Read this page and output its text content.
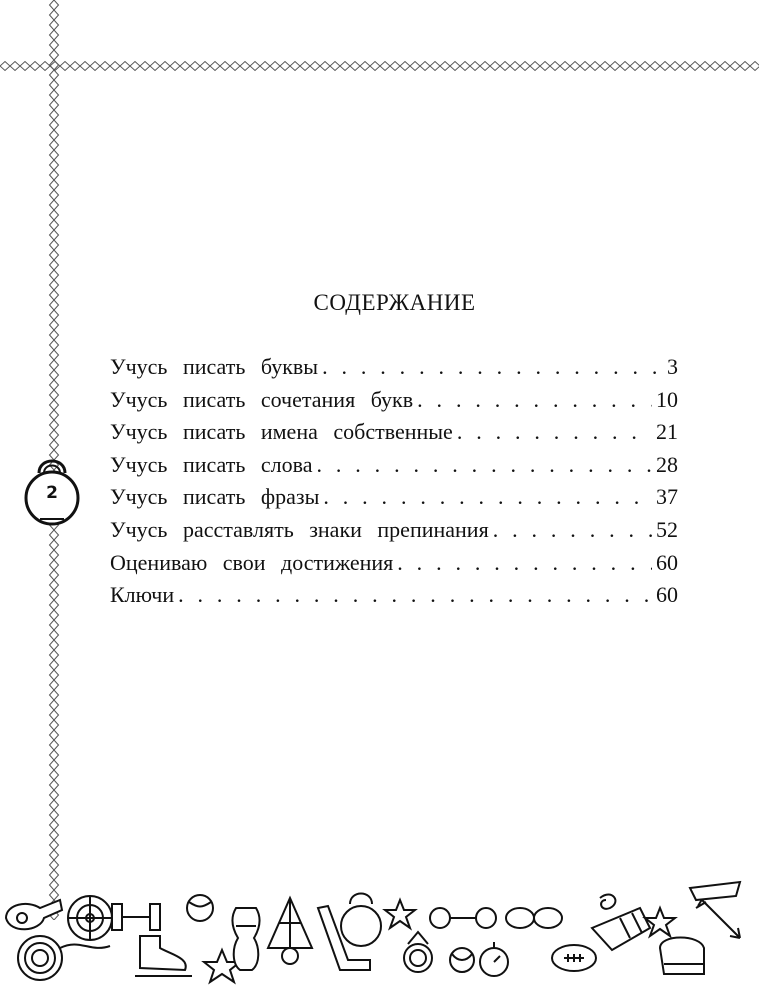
СОДЕРЖАНИЕ
Учусь писать буквы . . .	3
Учусь писать сочетания букв . . .	10
Учусь писать имена собственные . . .	21
Учусь писать слова . . .	28
Учусь писать фразы . . .	37
Учусь расставлять знаки препинания . . .	52
Оцениваю свои достижения . . .	60
Ключи . . .	60
2
